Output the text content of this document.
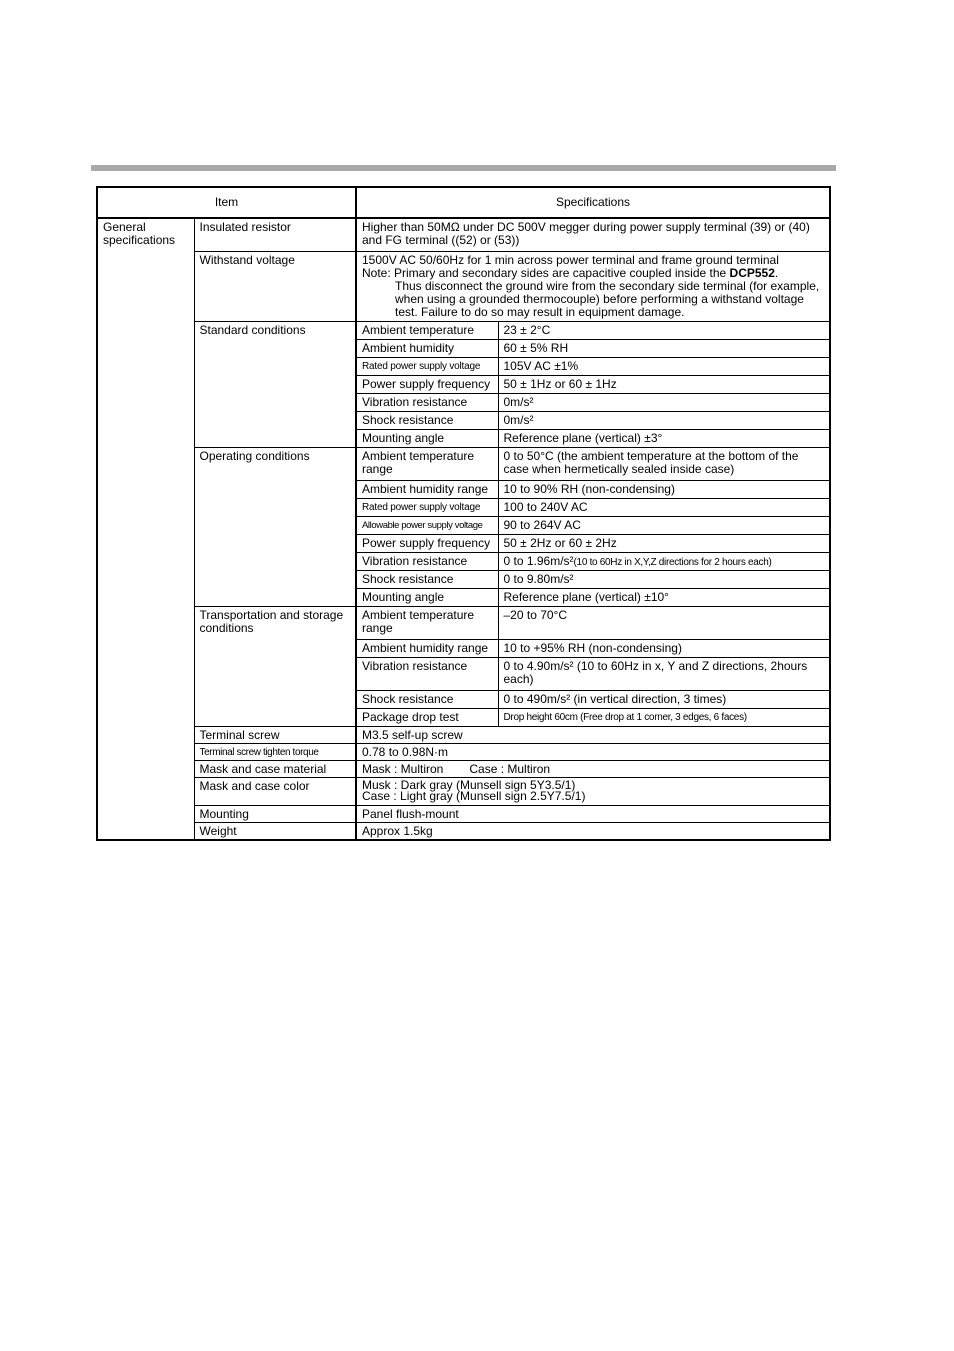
Item		Specifications	
General specifications	Insulated resistor	Higher than 50MΩ under DC 500V megger during power supply terminal (39) or (40) and FG terminal ((52) or (53))	
	Withstand voltage	1500V AC 50/60Hz for 1 min across power terminal and frame ground terminal
Note: Primary and secondary sides are capacitive coupled inside the DCP552.
Thus disconnect the ground wire from the secondary side terminal (for example, when using a grounded thermocouple) before performing a withstand voltage test. Failure to do so may result in equipment damage.	

	Standard conditions	Ambient temperature	23 ± 2°C
		Ambient humidity	60 ± 5% RH
		Rated power supply voltage	105V AC ±1%
		Power supply frequency	50 ± 1Hz or 60 ± 1Hz
		Vibration resistance	0m/s²
		Shock resistance	0m/s²
		Mounting angle	Reference plane (vertical) ±3°
	Operating conditions	Ambient temperature range	0 to 50°C (the ambient temperature at the bottom of the case when hermetically sealed inside case)
		Ambient humidity range	10 to 90% RH (non-condensing)
		Rated power supply voltage	100 to 240V AC
		Allowable power supply voltage	90 to 264V AC
		Power supply frequency	50 ± 2Hz or 60 ± 2Hz
		Vibration resistance	0 to 1.96m/s²(10 to 60Hz in X,Y,Z directions for 2 hours each)
		Shock resistance	0 to 9.80m/s²
		Mounting angle	Reference plane (vertical) ±10°
	Transportation and storage conditions	Ambient temperature range	–20 to 70°C
		Ambient humidity range	10 to +95% RH (non-condensing)
		Vibration resistance	0 to 4.90m/s² (10 to 60Hz in x, Y and Z directions, 2hours each)
		Shock resistance	0 to 490m/s² (in vertical direction, 3 times)
		Package drop test	Drop height 60cm (Free drop at 1 corner, 3 edges, 6 faces)
	Terminal screw	M3.5 self-up screw	
	Terminal screw tighten torque	0.78 to 0.98N·m	
	Mask and case material	Mask : Multiron Case : Multiron	
	Mask and case color	Musk : Dark gray (Munsell sign 5Y3.5/1)
Case : Light gray (Munsell sign 2.5Y7.5/1)	

	Mounting	Panel flush-mount	
	Weight	Approx 1.5kg	
